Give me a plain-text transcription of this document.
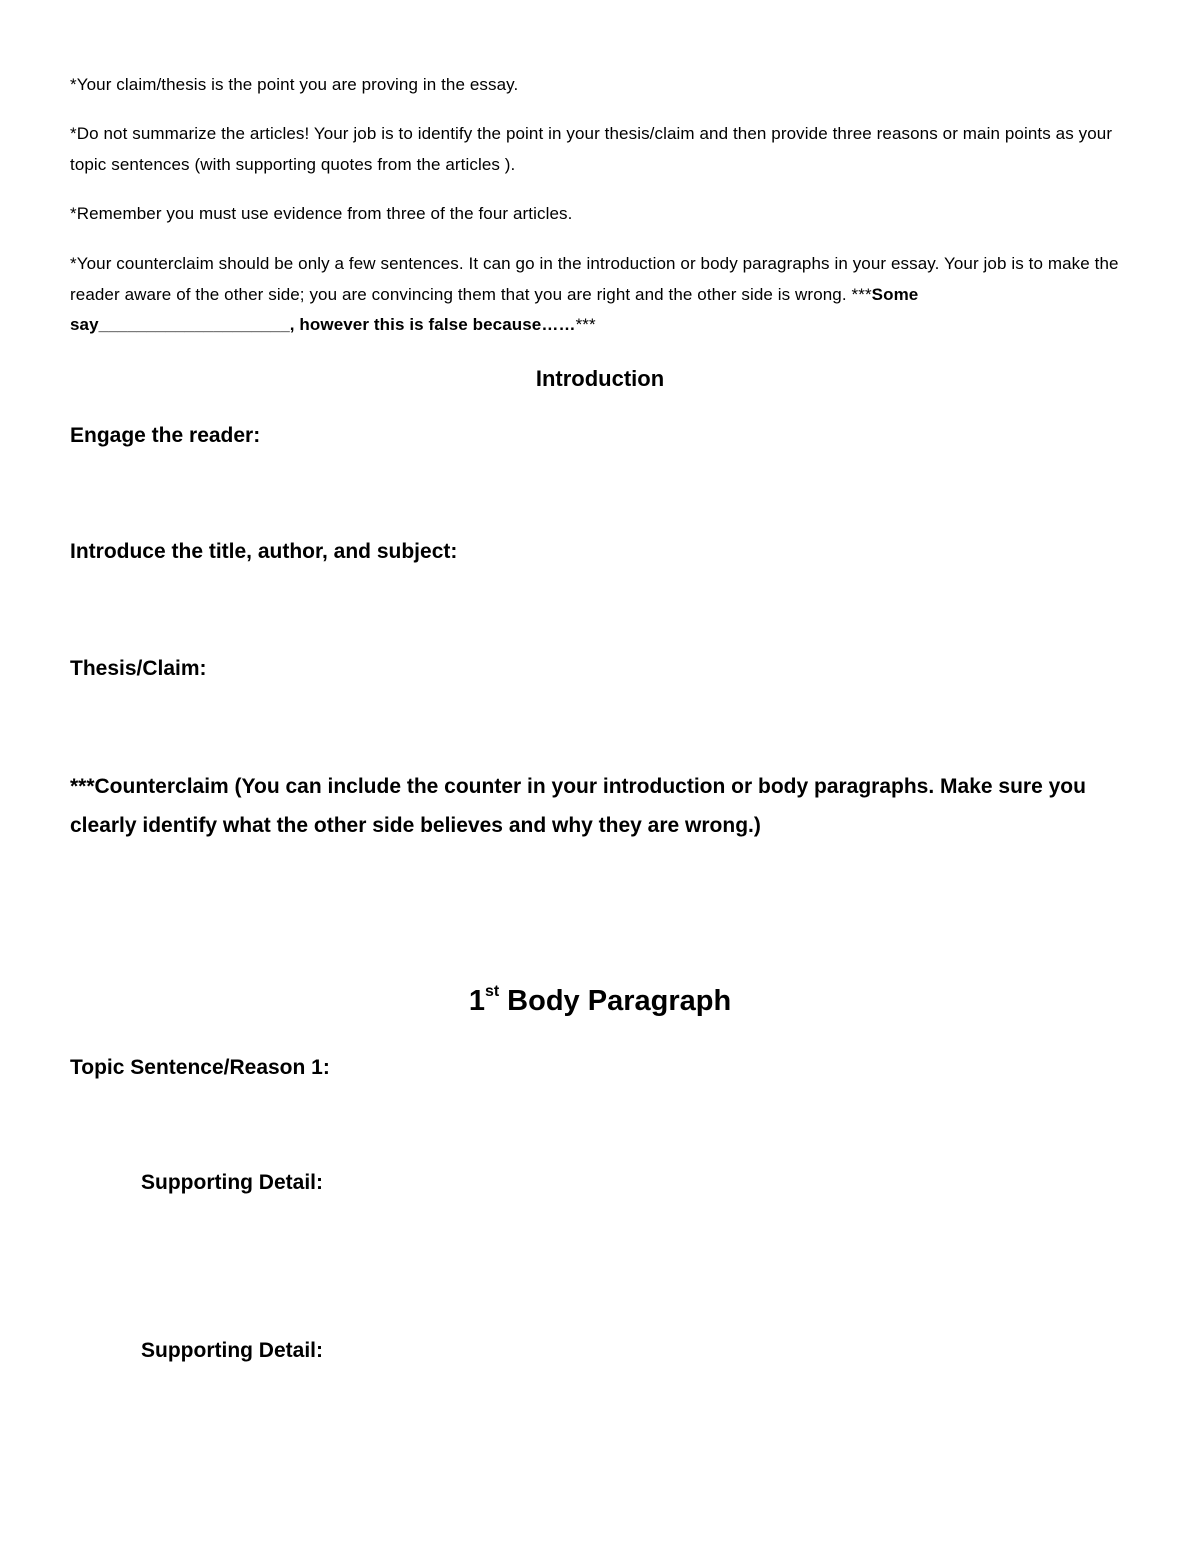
*Your claim/thesis is the point you are proving in the essay.
*Do not summarize the articles! Your job is to identify the point in your thesis/claim and then provide three reasons or main points as your topic sentences (with supporting quotes from the articles ).
*Remember you must use evidence from three of the four articles.
*Your counterclaim should be only a few sentences. It can go in the introduction or body paragraphs in your essay. Your job is to make the reader aware of the other side; you are convincing them that you are right and the other side is wrong. ***Some say____________________, however this is false because……***
Introduction
Engage the reader:
Introduce the title, author, and subject:
Thesis/Claim:
***Counterclaim (You can include the counter in your introduction or body paragraphs. Make sure you clearly identify what the other side believes and why they are wrong.)
1st Body Paragraph
Topic Sentence/Reason 1:
Supporting Detail:
Supporting Detail:
